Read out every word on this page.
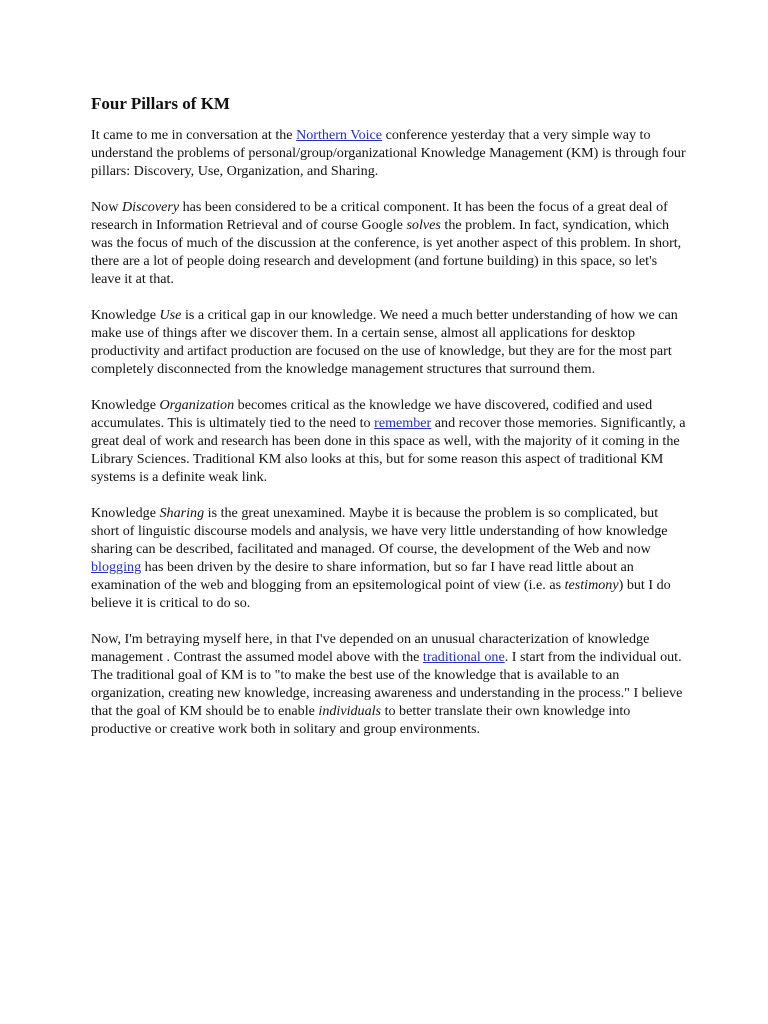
Four Pillars of KM

It came to me in conversation at the Northern Voice conference yesterday that a very simple way to understand the problems of personal/group/organizational Knowledge Management (KM) is through four pillars: Discovery, Use, Organization, and Sharing.

Now Discovery has been considered to be a critical component. It has been the focus of a great deal of research in Information Retrieval and of course Google solves the problem. In fact, syndication, which was the focus of much of the discussion at the conference, is yet another aspect of this problem. In short, there are a lot of people doing research and development (and fortune building) in this space, so let's leave it at that.

Knowledge Use is a critical gap in our knowledge. We need a much better understanding of how we can make use of things after we discover them. In a certain sense, almost all applications for desktop productivity and artifact production are focused on the use of knowledge, but they are for the most part completely disconnected from the knowledge management structures that surround them.

Knowledge Organization becomes critical as the knowledge we have discovered, codified and used accumulates. This is ultimately tied to the need to remember and recover those memories. Significantly, a great deal of work and research has been done in this space as well, with the majority of it coming in the Library Sciences. Traditional KM also looks at this, but for some reason this aspect of traditional KM systems is a definite weak link.

Knowledge Sharing is the great unexamined. Maybe it is because the problem is so complicated, but short of linguistic discourse models and analysis, we have very little understanding of how knowledge sharing can be described, facilitated and managed. Of course, the development of the Web and now blogging has been driven by the desire to share information, but so far I have read little about an examination of the web and blogging from an epsitemological point of view (i.e. as testimony) but I do believe it is critical to do so.

Now, I'm betraying myself here, in that I've depended on an unusual characterization of knowledge management . Contrast the assumed model above with the traditional one. I start from the individual out. The traditional goal of KM is to "to make the best use of the knowledge that is available to an organization, creating new knowledge, increasing awareness and understanding in the process." I believe that the goal of KM should be to enable individuals to better translate their own knowledge into productive or creative work both in solitary and group environments.
